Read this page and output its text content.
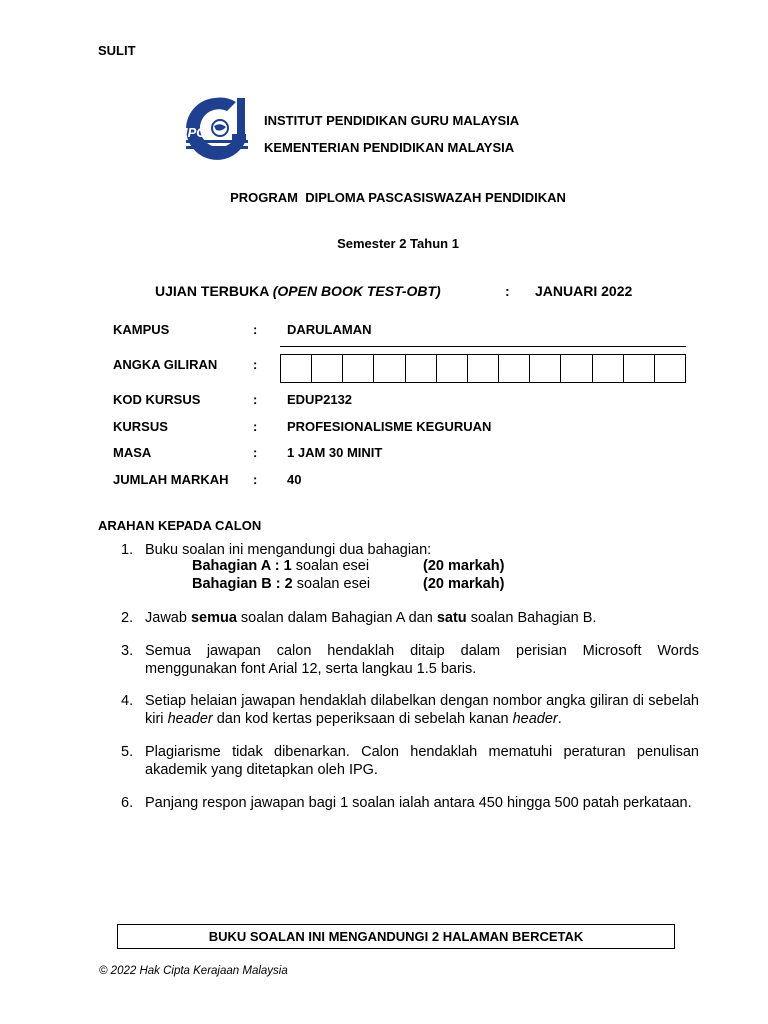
SULIT
IPG
INSTITUT PENDIDIKAN GURU MALAYSIA
KEMENTERIAN PENDIDIKAN MALAYSIA
PROGRAM  DIPLOMA PASCASISWAZAH PENDIDIKAN
Semester 2 Tahun 1
UJIAN TERBUKA (OPEN BOOK TEST-OBT)	: JANUARI 2022
KAMPUS	: DARULAMAN
ANGKA GILIRAN	:
KOD KURSUS	: EDUP2132
KURSUS	: PROFESIONALISME KEGURUAN
MASA	: 1 JAM 30 MINIT
JUMLAH MARKAH : 40
ARAHAN KEPADA CALON
1. Buku soalan ini mengandungi dua bahagian:
Bahagian A : 1 soalan esei	(20 markah)
Bahagian B : 2 soalan esei	(20 markah)
2. Jawab semua soalan dalam Bahagian A dan satu soalan Bahagian B.
3. Semua jawapan calon hendaklah ditaip dalam perisian Microsoft Words menggunakan font Arial 12, serta langkau 1.5 baris.
4. Setiap helaian jawapan hendaklah dilabelkan dengan nombor angka giliran di sebelah kiri header dan kod kertas peperiksaan di sebelah kanan header.
5. Plagiarisme tidak dibenarkan. Calon hendaklah mematuhi peraturan penulisan akademik yang ditetapkan oleh IPG.
6. Panjang respon jawapan bagi 1 soalan ialah antara 450 hingga 500 patah perkataan.
BUKU SOALAN INI MENGANDUNGI 2 HALAMAN BERCETAK
© 2022 Hak Cipta Kerajaan Malaysia
